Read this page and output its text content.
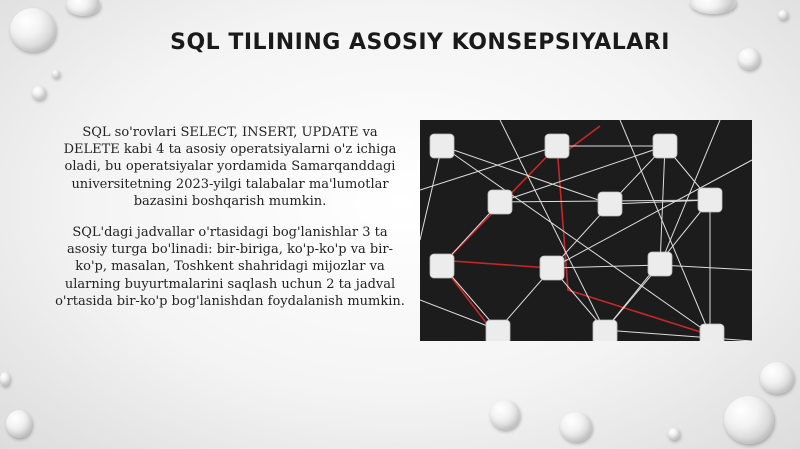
SQL TILINING ASOSIY KONSEPSIYALARI

SQL so'rovlari SELECT, INSERT, UPDATE va DELETE kabi 4 ta asosiy operatsiyalarni o'z ichiga oladi, bu operatsiyalar yordamida Samarqanddagi universitetning 2023-yilgi talabalar ma'lumotlar bazasini boshqarish mumkin.

SQL'dagi jadvallar o'rtasidagi bog'lanishlar 3 ta asosiy turga bo'linadi: bir-biriga, ko'p-ko'p va bir-ko'p, masalan, Toshkent shahridagi mijozlar va ularning buyurtmalarini saqlash uchun 2 ta jadval o'rtasida bir-ko'p bog'lanishdan foydalanish mumkin.
